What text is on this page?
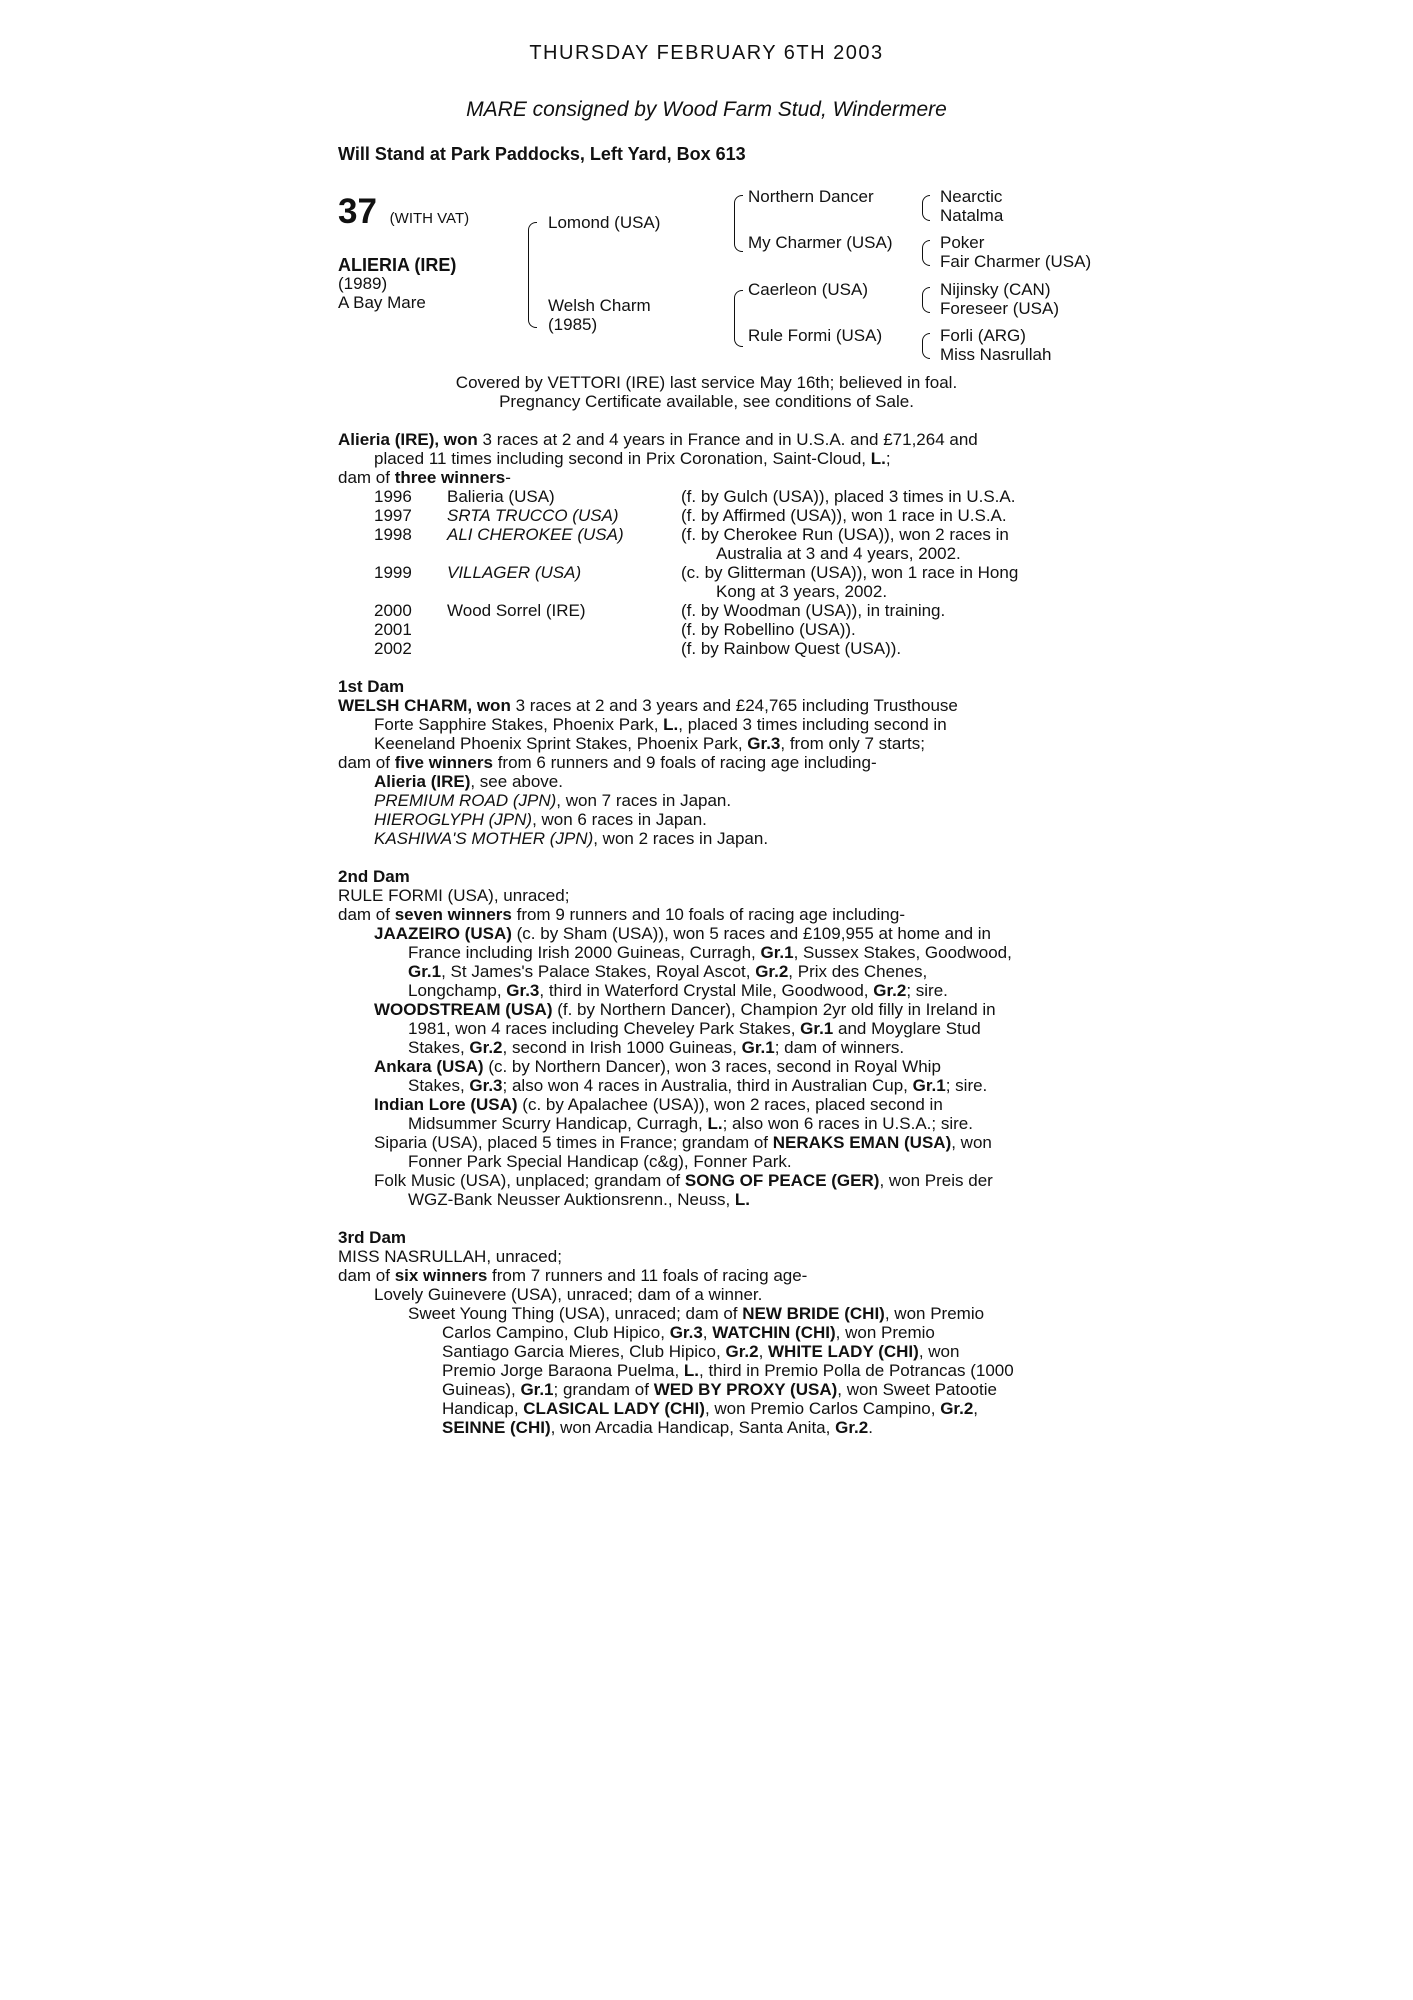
THURSDAY FEBRUARY 6TH 2003
MARE consigned by Wood Farm Stud, Windermere
Will Stand at Park Paddocks, Left Yard, Box 613
37 (WITH VAT)
ALIERIA (IRE)
(1989)
A Bay Mare
Lomond (USA)
Welsh Charm
(1985)
Northern Dancer
My Charmer (USA)
Caerleon (USA)
Rule Formi (USA)
Nearctic
Natalma
Poker
Fair Charmer (USA)
Nijinsky (CAN)
Foreseer (USA)
Forli (ARG)
Miss Nasrullah
Covered by VETTORI (IRE) last service May 16th; believed in foal.
Pregnancy Certificate available, see conditions of Sale.
Alieria (IRE), won 3 races at 2 and 4 years in France and in U.S.A. and £71,264 and
placed 11 times including second in Prix Coronation, Saint-Cloud, L.;
dam of three winners-
1996 Balieria (USA)	(f. by Gulch (USA)), placed 3 times in U.S.A.
1997 SRTA TRUCCO (USA)	(f. by Affirmed (USA)), won 1 race in U.S.A.
1998 ALI CHEROKEE (USA)	(f. by Cherokee Run (USA)), won 2 races in
Australia at 3 and 4 years, 2002.
1999 VILLAGER (USA)	(c. by Glitterman (USA)), won 1 race in Hong
Kong at 3 years, 2002.
2000 Wood Sorrel (IRE)	(f. by Woodman (USA)), in training.
2001	(f. by Robellino (USA)).
2002	(f. by Rainbow Quest (USA)).
1st Dam
WELSH CHARM, won 3 races at 2 and 3 years and £24,765 including Trusthouse
Forte Sapphire Stakes, Phoenix Park, L., placed 3 times including second in
Keeneland Phoenix Sprint Stakes, Phoenix Park, Gr.3, from only 7 starts;
dam of five winners from 6 runners and 9 foals of racing age including-
Alieria (IRE), see above.
PREMIUM ROAD (JPN), won 7 races in Japan.
HIEROGLYPH (JPN), won 6 races in Japan.
KASHIWA'S MOTHER (JPN), won 2 races in Japan.
2nd Dam
RULE FORMI (USA), unraced;
dam of seven winners from 9 runners and 10 foals of racing age including-
JAAZEIRO (USA) (c. by Sham (USA)), won 5 races and £109,955 at home and in
France including Irish 2000 Guineas, Curragh, Gr.1, Sussex Stakes, Goodwood,
Gr.1, St James's Palace Stakes, Royal Ascot, Gr.2, Prix des Chenes,
Longchamp, Gr.3, third in Waterford Crystal Mile, Goodwood, Gr.2; sire.
WOODSTREAM (USA) (f. by Northern Dancer), Champion 2yr old filly in Ireland in
1981, won 4 races including Cheveley Park Stakes, Gr.1 and Moyglare Stud
Stakes, Gr.2, second in Irish 1000 Guineas, Gr.1; dam of winners.
Ankara (USA) (c. by Northern Dancer), won 3 races, second in Royal Whip
Stakes, Gr.3; also won 4 races in Australia, third in Australian Cup, Gr.1; sire.
Indian Lore (USA) (c. by Apalachee (USA)), won 2 races, placed second in
Midsummer Scurry Handicap, Curragh, L.; also won 6 races in U.S.A.; sire.
Siparia (USA), placed 5 times in France; grandam of NERAKS EMAN (USA), won
Fonner Park Special Handicap (c&g), Fonner Park.
Folk Music (USA), unplaced; grandam of SONG OF PEACE (GER), won Preis der
WGZ-Bank Neusser Auktionsrenn., Neuss, L.
3rd Dam
MISS NASRULLAH, unraced;
dam of six winners from 7 runners and 11 foals of racing age-
Lovely Guinevere (USA), unraced; dam of a winner.
Sweet Young Thing (USA), unraced; dam of NEW BRIDE (CHI), won Premio
Carlos Campino, Club Hipico, Gr.3, WATCHIN (CHI), won Premio
Santiago Garcia Mieres, Club Hipico, Gr.2, WHITE LADY (CHI), won
Premio Jorge Baraona Puelma, L., third in Premio Polla de Potrancas (1000
Guineas), Gr.1; grandam of WED BY PROXY (USA), won Sweet Patootie
Handicap, CLASICAL LADY (CHI), won Premio Carlos Campino, Gr.2,
SEINNE (CHI), won Arcadia Handicap, Santa Anita, Gr.2.
